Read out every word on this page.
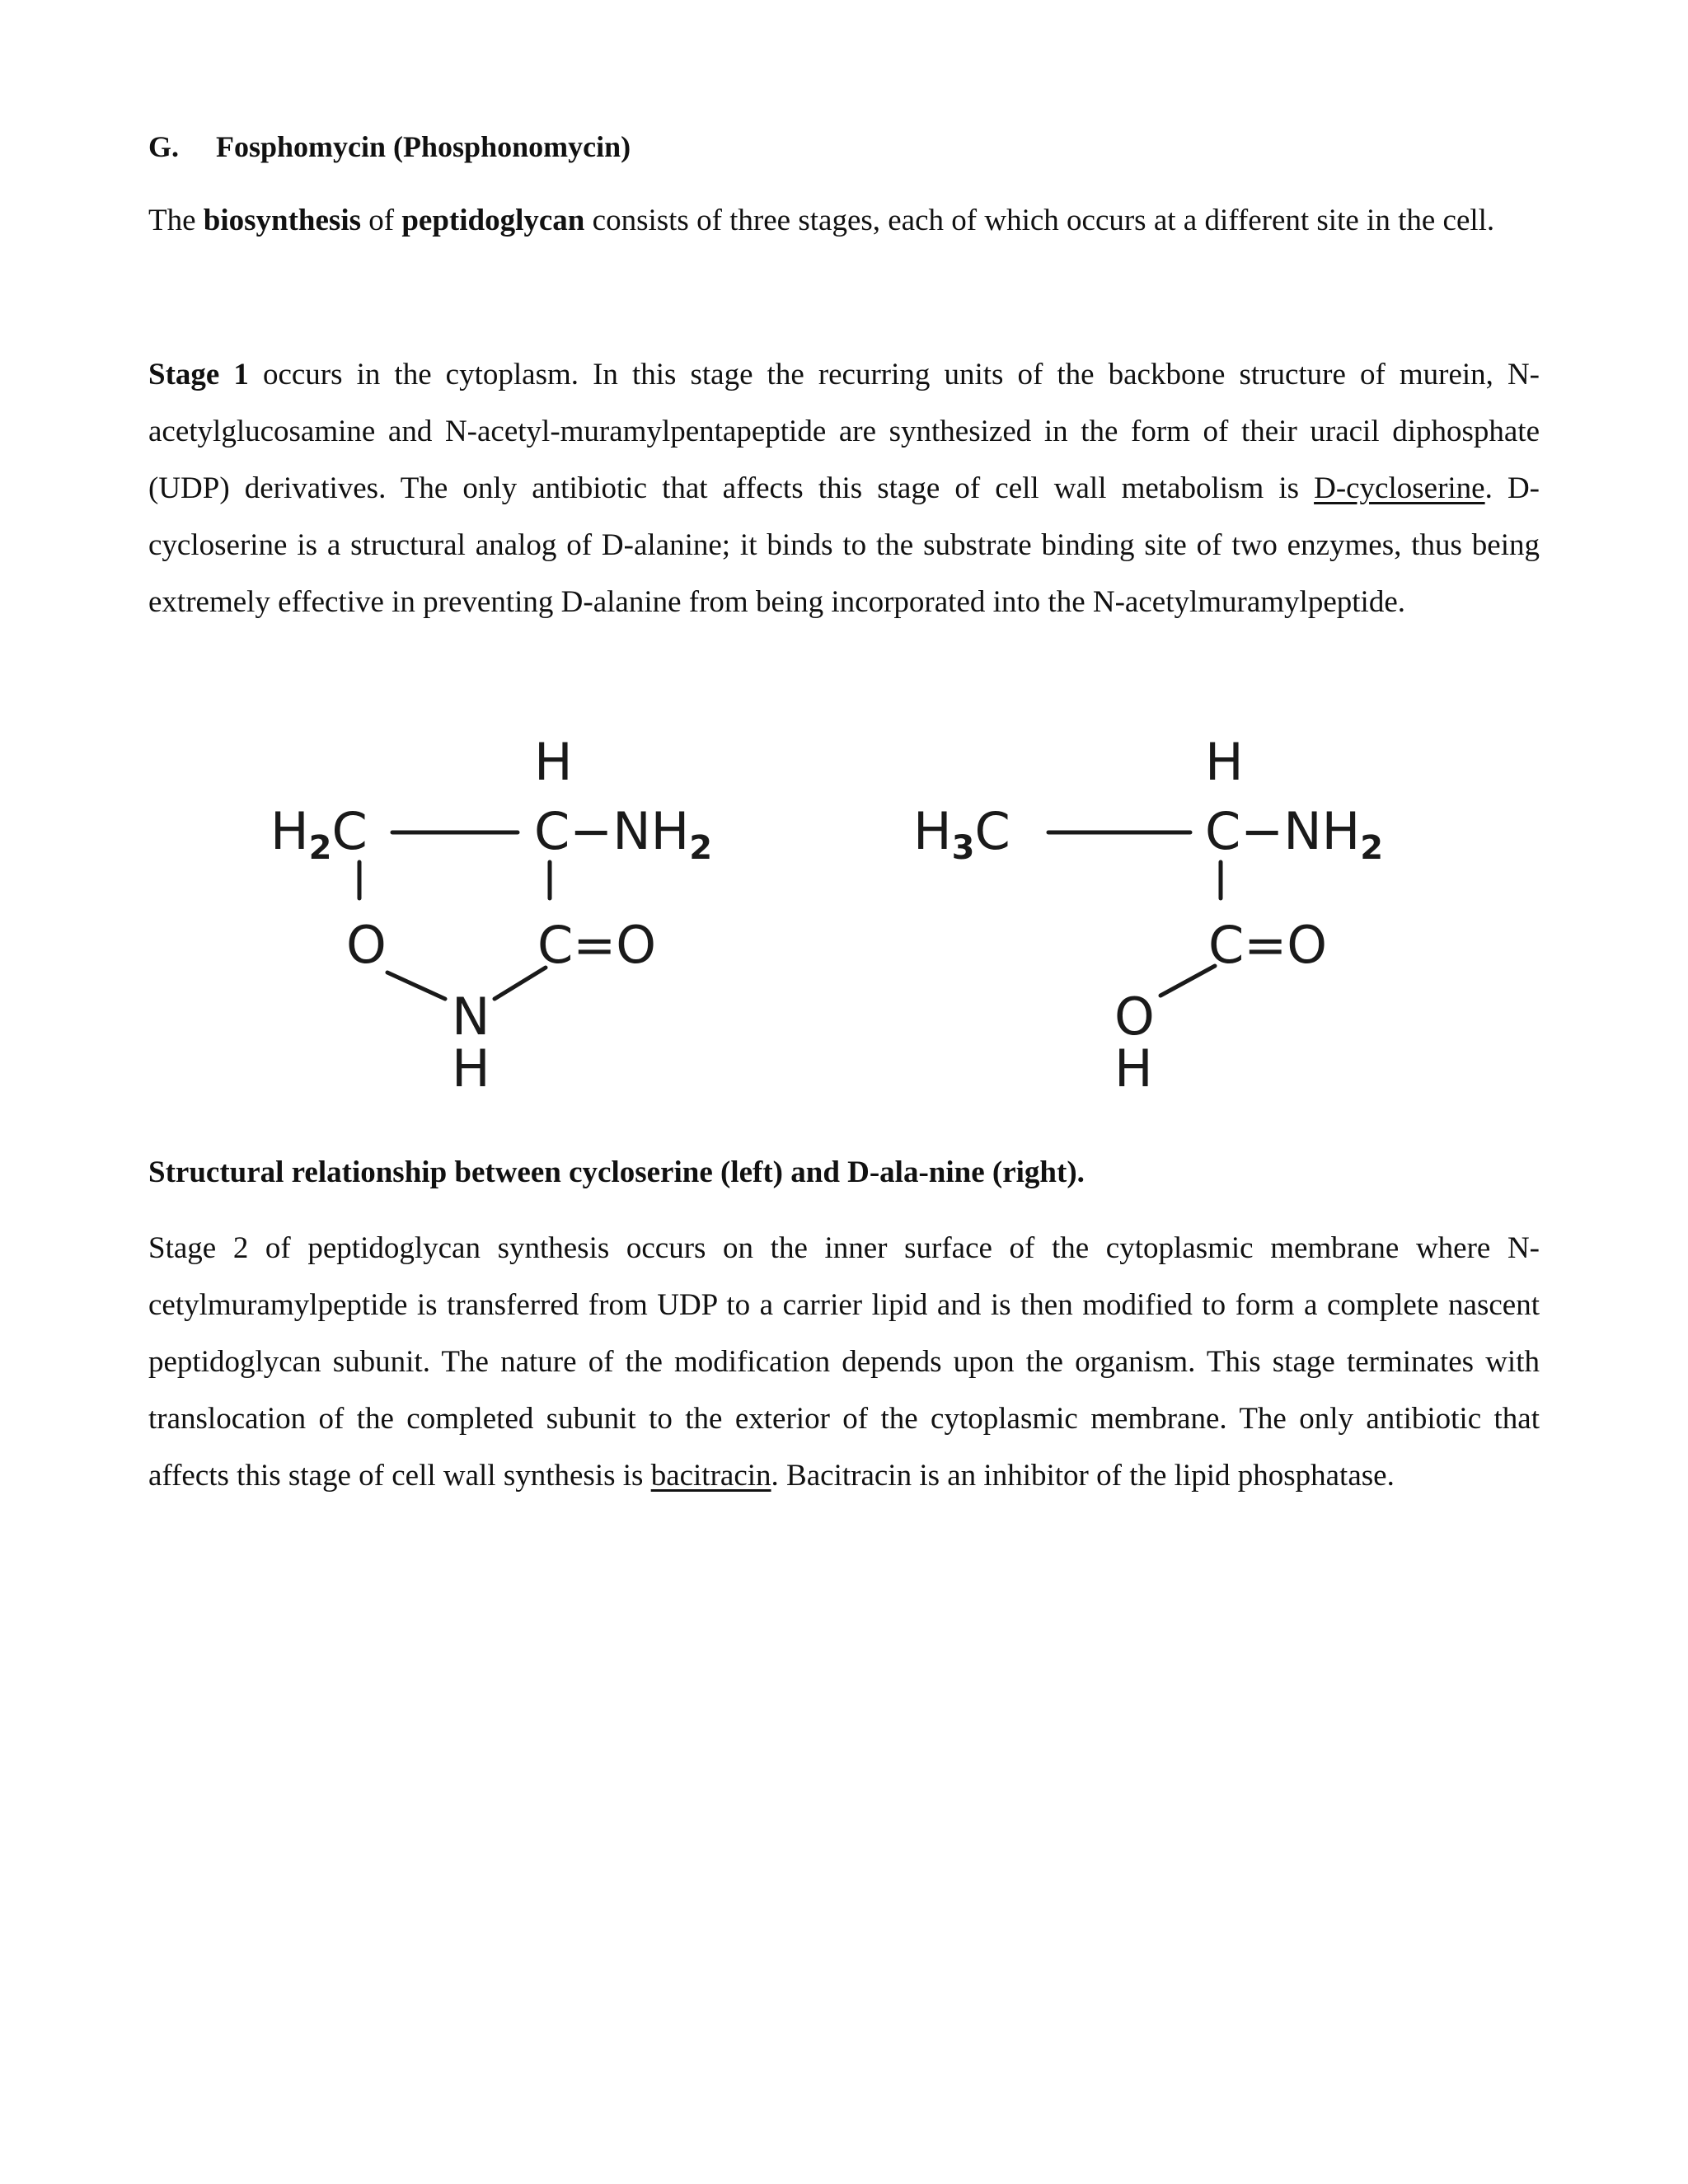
G. Fosphomycin (Phosphonomycin)

The biosynthesis of peptidoglycan consists of three stages, each of which occurs at a different site in the cell.

Stage 1 occurs in the cytoplasm. In this stage the recurring units of the backbone structure of murein, N-acetylglucosamine and N-acetyl-muramylpentapeptide are synthesized in the form of their uracil diphosphate (UDP) derivatives. The only antibiotic that affects this stage of cell wall metabolism is D-cycloserine. D-cycloserine is a structural analog of D-alanine; it binds to the substrate binding site of two enzymes, thus being extremely effective in preventing D-alanine from being incorporated into the N-acetylmuramylpeptide.

H2C
H
C−NH2
O	C=O
N
H
H3C
H
C−NH2
C=O
O
H

Structural relationship between cycloserine (left) and D-ala-nine (right).

Stage 2 of peptidoglycan synthesis occurs on the inner surface of the cytoplasmic membrane where N-cetylmuramylpeptide is transferred from UDP to a carrier lipid and is then modified to form a complete nascent peptidoglycan subunit. The nature of the modification depends upon the organism. This stage terminates with translocation of the completed subunit to the exterior of the cytoplasmic membrane. The only antibiotic that affects this stage of cell wall synthesis is bacitracin. Bacitracin is an inhibitor of the lipid phosphatase.
